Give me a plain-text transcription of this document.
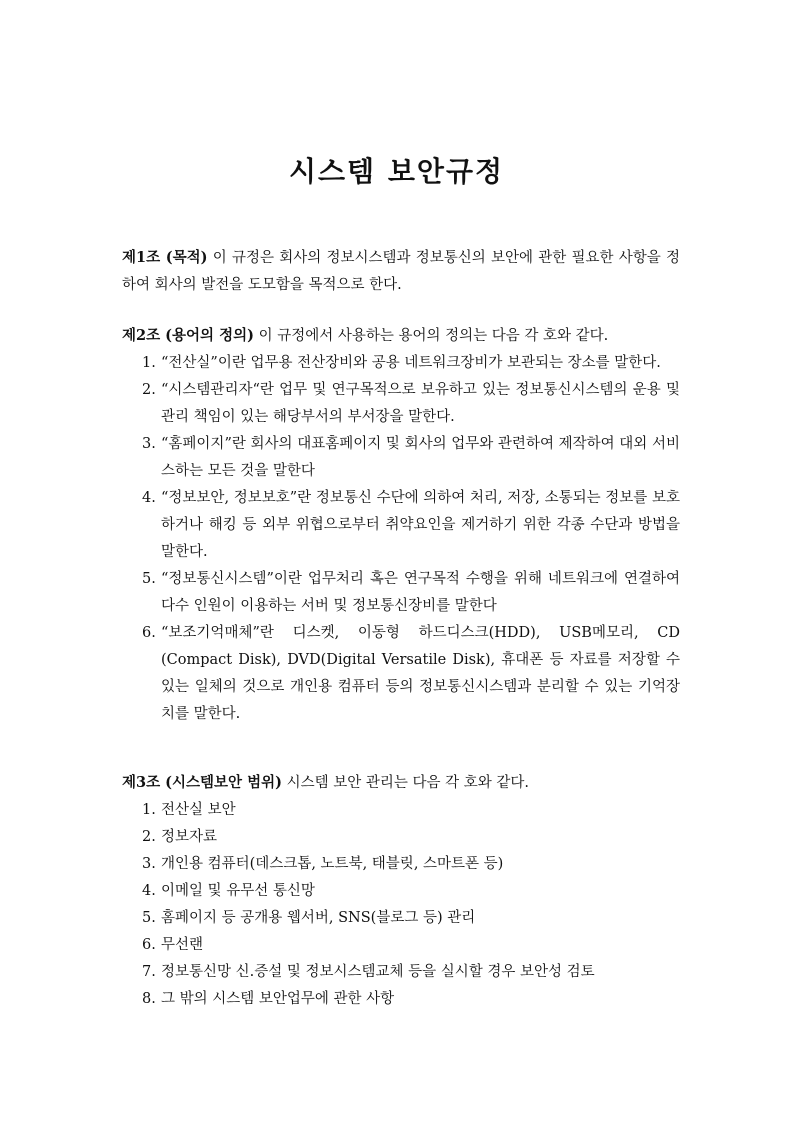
시스템 보안규정

제1조 (목적) 이 규정은 회사의 정보시스템과 정보통신의 보안에 관한 필요한 사항을 정하여 회사의 발전을 도모함을 목적으로 한다.

제2조 (용어의 정의) 이 규정에서 사용하는 용어의 정의는 다음 각 호와 같다.

1. “전산실”이란 업무용 전산장비와 공용 네트워크장비가 보관되는 장소를 말한다.
2. “시스템관리자“란 업무 및 연구목적으로 보유하고 있는 정보통신시스템의 운용 및 관리 책임이 있는 해당부서의 부서장을 말한다.
3. “홈페이지”란 회사의 대표홈페이지 및 회사의 업무와 관련하여 제작하여 대외 서비스하는 모든 것을 말한다
4. “정보보안, 정보보호”란 정보통신 수단에 의하여 처리, 저장, 소통되는 정보를 보호하거나 해킹 등 외부 위협으로부터 취약요인을 제거하기 위한 각종 수단과 방법을 말한다.
5. “정보통신시스템”이란 업무처리 혹은 연구목적 수행을 위해 네트워크에 연결하여 다수 인원이 이용하는 서버 및 정보통신장비를 말한다
6. “보조기억매체”란 디스켓, 이동형 하드디스크(HDD), USB메모리, CD (Compact Disk), DVD(Digital Versatile Disk), 휴대폰 등 자료를 저장할 수 있는 일체의 것으로 개인용 컴퓨터 등의 정보통신시스템과 분리할 수 있는 기억장치를 말한다.

제3조 (시스템보안 범위) 시스템 보안 관리는 다음 각 호와 같다.

1. 전산실 보안
2. 정보자료
3. 개인용 컴퓨터(데스크톱, 노트북, 태블릿, 스마트폰 등)
4. 이메일 및 유무선 통신망
5. 홈페이지 등 공개용 웹서버, SNS(블로그 등) 관리
6. 무선랜
7. 정보통신망 신.증설 및 정보시스템교체 등을 실시할 경우 보안성 검토
8. 그 밖의 시스템 보안업무에 관한 사항
